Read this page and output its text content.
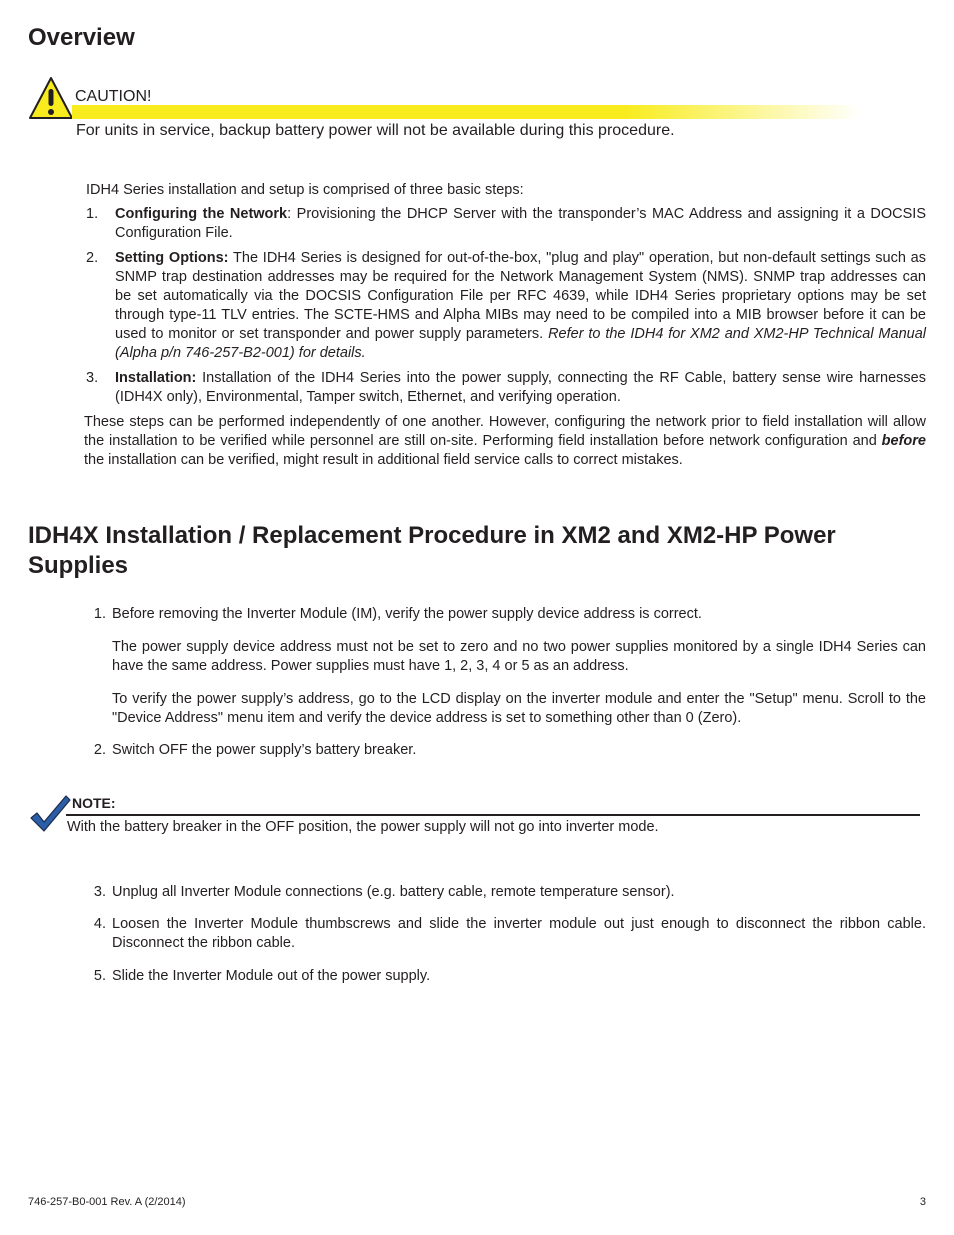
Overview
CAUTION!
For units in service, backup battery power will not be available during this procedure.
IDH4 Series installation and setup is comprised of three basic steps:
1. Configuring the Network: Provisioning the DHCP Server with the transponder’s MAC Address and assigning it a DOCSIS Configuration File.
2. Setting Options: The IDH4 Series is designed for out-of-the-box, "plug and play" operation, but non-default settings such as SNMP trap destination addresses may be required for the Network Management System (NMS). SNMP trap addresses can be set automatically via the DOCSIS Configuration File per RFC 4639, while IDH4 Series proprietary options may be set through type-11 TLV entries. The SCTE-HMS and Alpha MIBs may need to be compiled into a MIB browser before it can be used to monitor or set transponder and power supply parameters. Refer to the IDH4 for XM2 and XM2-HP Technical Manual (Alpha p/n 746-257-B2-001) for details.
3. Installation: Installation of the IDH4 Series into the power supply, connecting the RF Cable, battery sense wire harnesses (IDH4X only), Environmental, Tamper switch, Ethernet, and verifying operation.
These steps can be performed independently of one another. However, configuring the network prior to field installation will allow the installation to be verified while personnel are still on-site. Performing field installation before network configuration and before the installation can be verified, might result in additional field service calls to correct mistakes.
IDH4X Installation / Replacement Procedure in XM2 and XM2-HP Power Supplies
1. Before removing the Inverter Module (IM), verify the power supply device address is correct.
The power supply device address must not be set to zero and no two power supplies monitored by a single IDH4 Series can have the same address. Power supplies must have 1, 2, 3, 4 or 5 as an address.
To verify the power supply’s address, go to the LCD display on the inverter module and enter the "Setup" menu. Scroll to the "Device Address" menu item and verify the device address is set to something other than 0 (Zero).
2. Switch OFF the power supply’s battery breaker.
NOTE:
With the battery breaker in the OFF position, the power supply will not go into inverter mode.
3. Unplug all Inverter Module connections (e.g. battery cable, remote temperature sensor).
4. Loosen the Inverter Module thumbscrews and slide the inverter module out just enough to disconnect the ribbon cable. Disconnect the ribbon cable.
5. Slide the Inverter Module out of the power supply.
746-257-B0-001 Rev. A (2/2014)	3
